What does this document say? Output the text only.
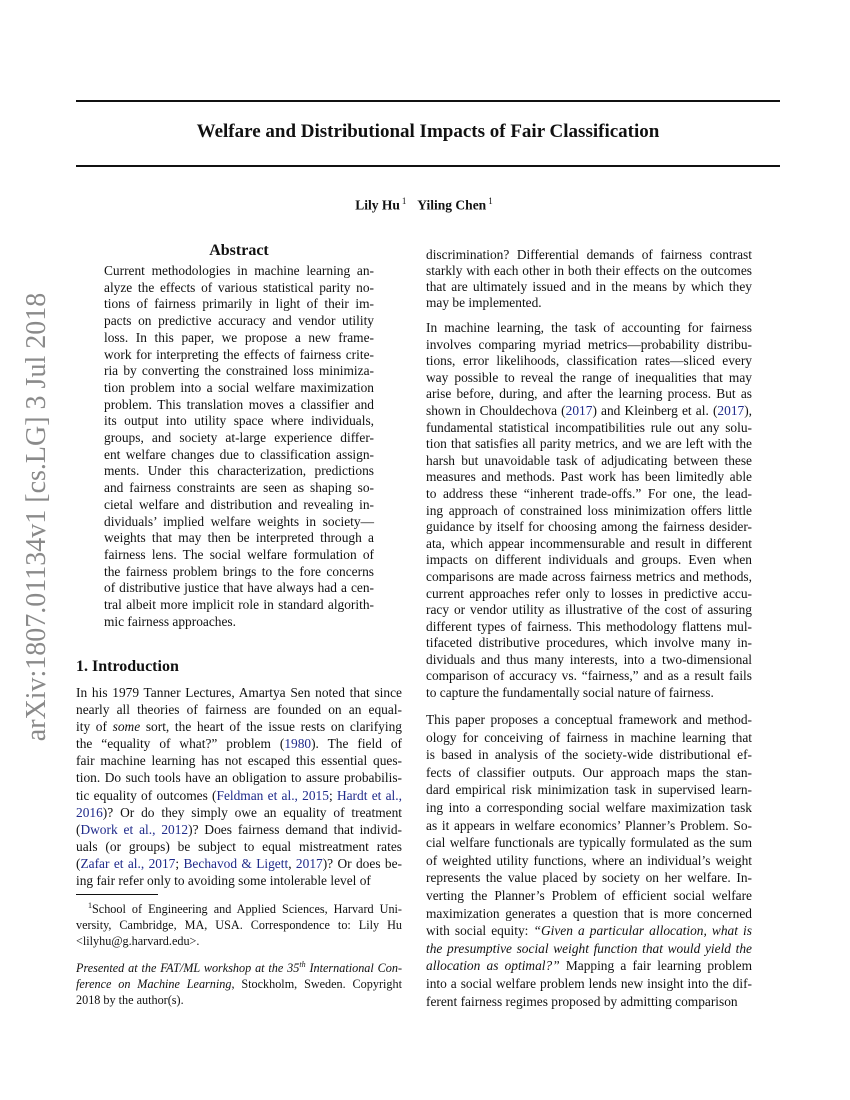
arXiv:1807.01134v1 [cs.LG] 3 Jul 2018
Welfare and Distributional Impacts of Fair Classification
Lily Hu $^1$ Yiling Chen $^1$
Abstract
Current methodologies in machine learning an-
alyze the effects of various statistical parity no-
tions of fairness primarily in light of their im-
pacts on predictive accuracy and vendor utility
loss. In this paper, we propose a new frame-
work for interpreting the effects of fairness crite-
ria by converting the constrained loss minimiza-
tion problem into a social welfare maximization
problem. This translation moves a classifier and
its output into utility space where individuals,
groups, and society at-large experience differ-
ent welfare changes due to classification assign-
ments. Under this characterization, predictions
and fairness constraints are seen as shaping so-
cietal welfare and distribution and revealing in-
dividuals’ implied welfare weights in society—
weights that may then be interpreted through a
fairness lens. The social welfare formulation of
the fairness problem brings to the fore concerns
of distributive justice that have always had a cen-
tral albeit more implicit role in standard algorith-
mic fairness approaches.
1. Introduction
In his 1979 Tanner Lectures, Amartya Sen noted that since
nearly all theories of fairness are founded on an equal-
ity of some sort, the heart of the issue rests on clarifying
the “equality of what?” problem (1980). The field of
fair machine learning has not escaped this essential ques-
tion. Do such tools have an obligation to assure probabilis-
tic equality of outcomes (Feldman et al., 2015; Hardt et al.,
2016)? Or do they simply owe an equality of treatment
(Dwork et al., 2012)? Does fairness demand that individ-
uals (or groups) be subject to equal mistreatment rates
(Zafar et al., 2017; Bechavod & Ligett, 2017)? Or does be-
ing fair refer only to avoiding some intolerable level of
$^1$School of Engineering and Applied Sciences, Harvard Uni-
versity, Cambridge, MA, USA. Correspondence to: Lily Hu
<lilyhu@g.harvard.edu>.
Presented at the FAT/ML workshop at the 35th International Con-
ference on Machine Learning, Stockholm, Sweden. Copyright
2018 by the author(s).
discrimination? Differential demands of fairness contrast
starkly with each other in both their effects on the outcomes
that are ultimately issued and in the means by which they
may be implemented.
In machine learning, the task of accounting for fairness
involves comparing myriad metrics—probability distribu-
tions, error likelihoods, classification rates—sliced every
way possible to reveal the range of inequalities that may
arise before, during, and after the learning process. But as
shown in Chouldechova (2017) and Kleinberg et al. (2017),
fundamental statistical incompatibilities rule out any solu-
tion that satisfies all parity metrics, and we are left with the
harsh but unavoidable task of adjudicating between these
measures and methods. Past work has been limitedly able
to address these “inherent trade-offs.” For one, the lead-
ing approach of constrained loss minimization offers little
guidance by itself for choosing among the fairness desider-
ata, which appear incommensurable and result in different
impacts on different individuals and groups. Even when
comparisons are made across fairness metrics and methods,
current approaches refer only to losses in predictive accu-
racy or vendor utility as illustrative of the cost of assuring
different types of fairness. This methodology flattens mul-
tifaceted distributive procedures, which involve many in-
dividuals and thus many interests, into a two-dimensional
comparison of accuracy vs. “fairness,” and as a result fails
to capture the fundamentally social nature of fairness.
This paper proposes a conceptual framework and method-
ology for conceiving of fairness in machine learning that
is based in analysis of the society-wide distributional ef-
fects of classifier outputs. Our approach maps the stan-
dard empirical risk minimization task in supervised learn-
ing into a corresponding social welfare maximization task
as it appears in welfare economics’ Planner’s Problem. So-
cial welfare functionals are typically formulated as the sum
of weighted utility functions, where an individual’s weight
represents the value placed by society on her welfare. In-
verting the Planner’s Problem of efficient social welfare
maximization generates a question that is more concerned
with social equity: “Given a particular allocation, what is
the presumptive social weight function that would yield the
allocation as optimal?” Mapping a fair learning problem
into a social welfare problem lends new insight into the dif-
ferent fairness regimes proposed by admitting comparison
